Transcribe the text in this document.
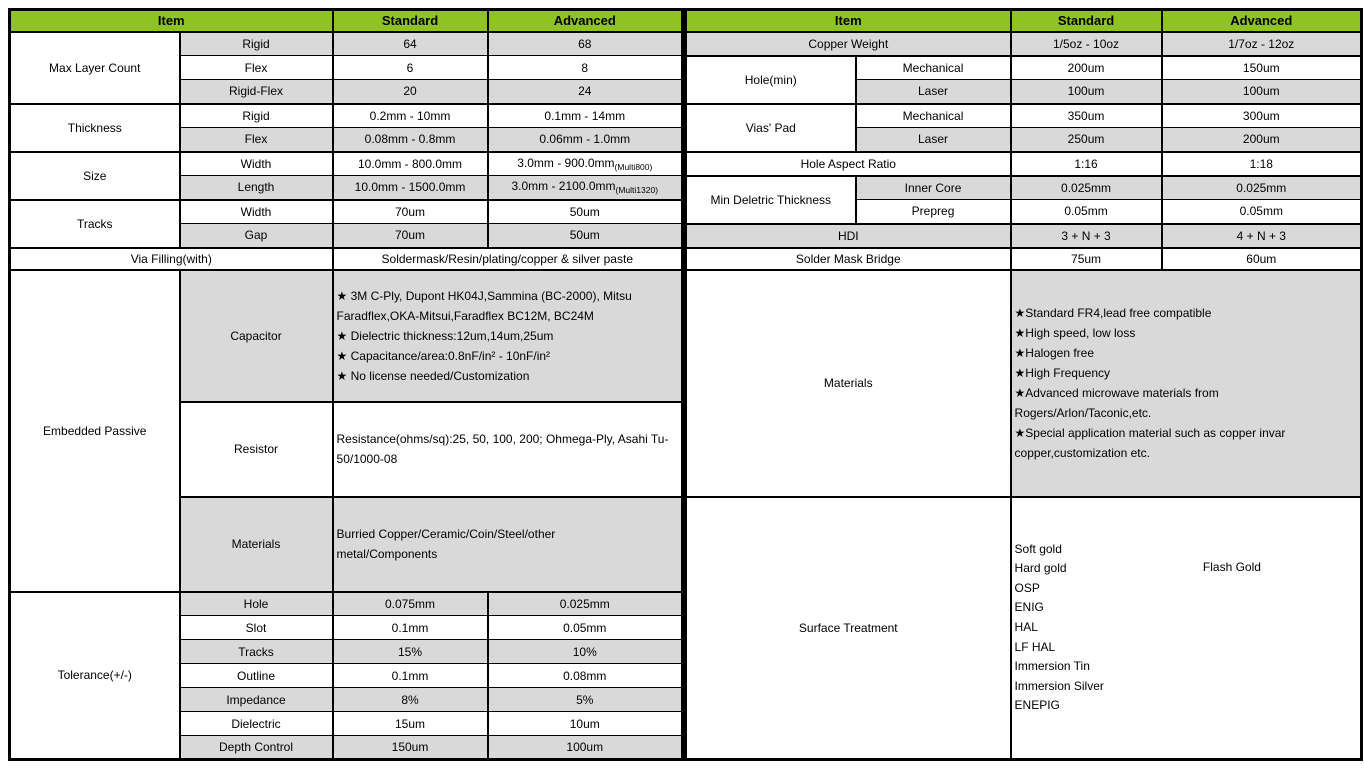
Item		Standard	Advanced
Max Layer Count	Rigid	64	68
	Flex	6	8
	Rigid-Flex	20	24
Thickness	Rigid	0.2mm - 10mm	0.1mm - 14mm
	Flex	0.08mm - 0.8mm	0.06mm - 1.0mm
Size	Width	10.0mm - 800.0mm	$3.0mm - 900.0mm_{(Multi800)}$
	Length	10.0mm - 1500.0mm	$3.0mm - 2100.0mm_{(Multi1320)}$
Tracks	Width	70um	50um
	Gap	70um	50um
Via Filling(with)		Soldermask/Resin/plating/copper & silver paste	
Embedded Passive	Capacitor	★ 3M C-Ply, Dupont HK04J,Sammina (BC-2000), Mitsu Faradflex,OKA-Mitsui,Faradflex BC12M, BC24M
★ Dielectric thickness:12um,14um,25um
★ Capacitance/area:0.8nF/in² - 10nF/in²
★ No license needed/Customization	

	Resistor	Resistance(ohms/sq):25, 50, 100, 200; Ohmega-Ply, Asahi Tu-50/1000-08	

	Materials	Burried Copper/Ceramic/Coin/Steel/other metal/Components	

Tolerance(+/-)	Hole	0.075mm	0.025mm
	Slot	0.1mm	0.05mm
	Tracks	15%	10%
	Outline	0.1mm	0.08mm
	Impedance	8%	5%
	Dielectric	15um	10um
	Depth Control	150um	100um
Item		Standard	Advanced
Copper Weight		1/5oz - 10oz	1/7oz - 12oz
Hole(min)	Mechanical	200um	150um
	Laser	100um	100um
Vias' Pad	Mechanical	350um	300um
	Laser	250um	200um
Hole Aspect Ratio		1:16	1:18
Min Deletric Thickness	Inner Core	0.025mm	0.025mm
	Prepreg	0.05mm	0.05mm
HDI		3 + N + 3	4 + N + 3
Solder Mask Bridge		75um	60um
Materials	
★Standard FR4,lead free compatible
★High speed, low loss
★Halogen free
★High Frequency
★Advanced microwave materials from Rogers/Arlon/Taconic,etc.
★Special application material such as copper invar copper,customization etc.

Surface Treatment	
Soft gold
Hard gold
OSP
ENIG
HAL
LF HAL
Immersion Tin
Immersion Silver
ENEPIG
Flash Gold
